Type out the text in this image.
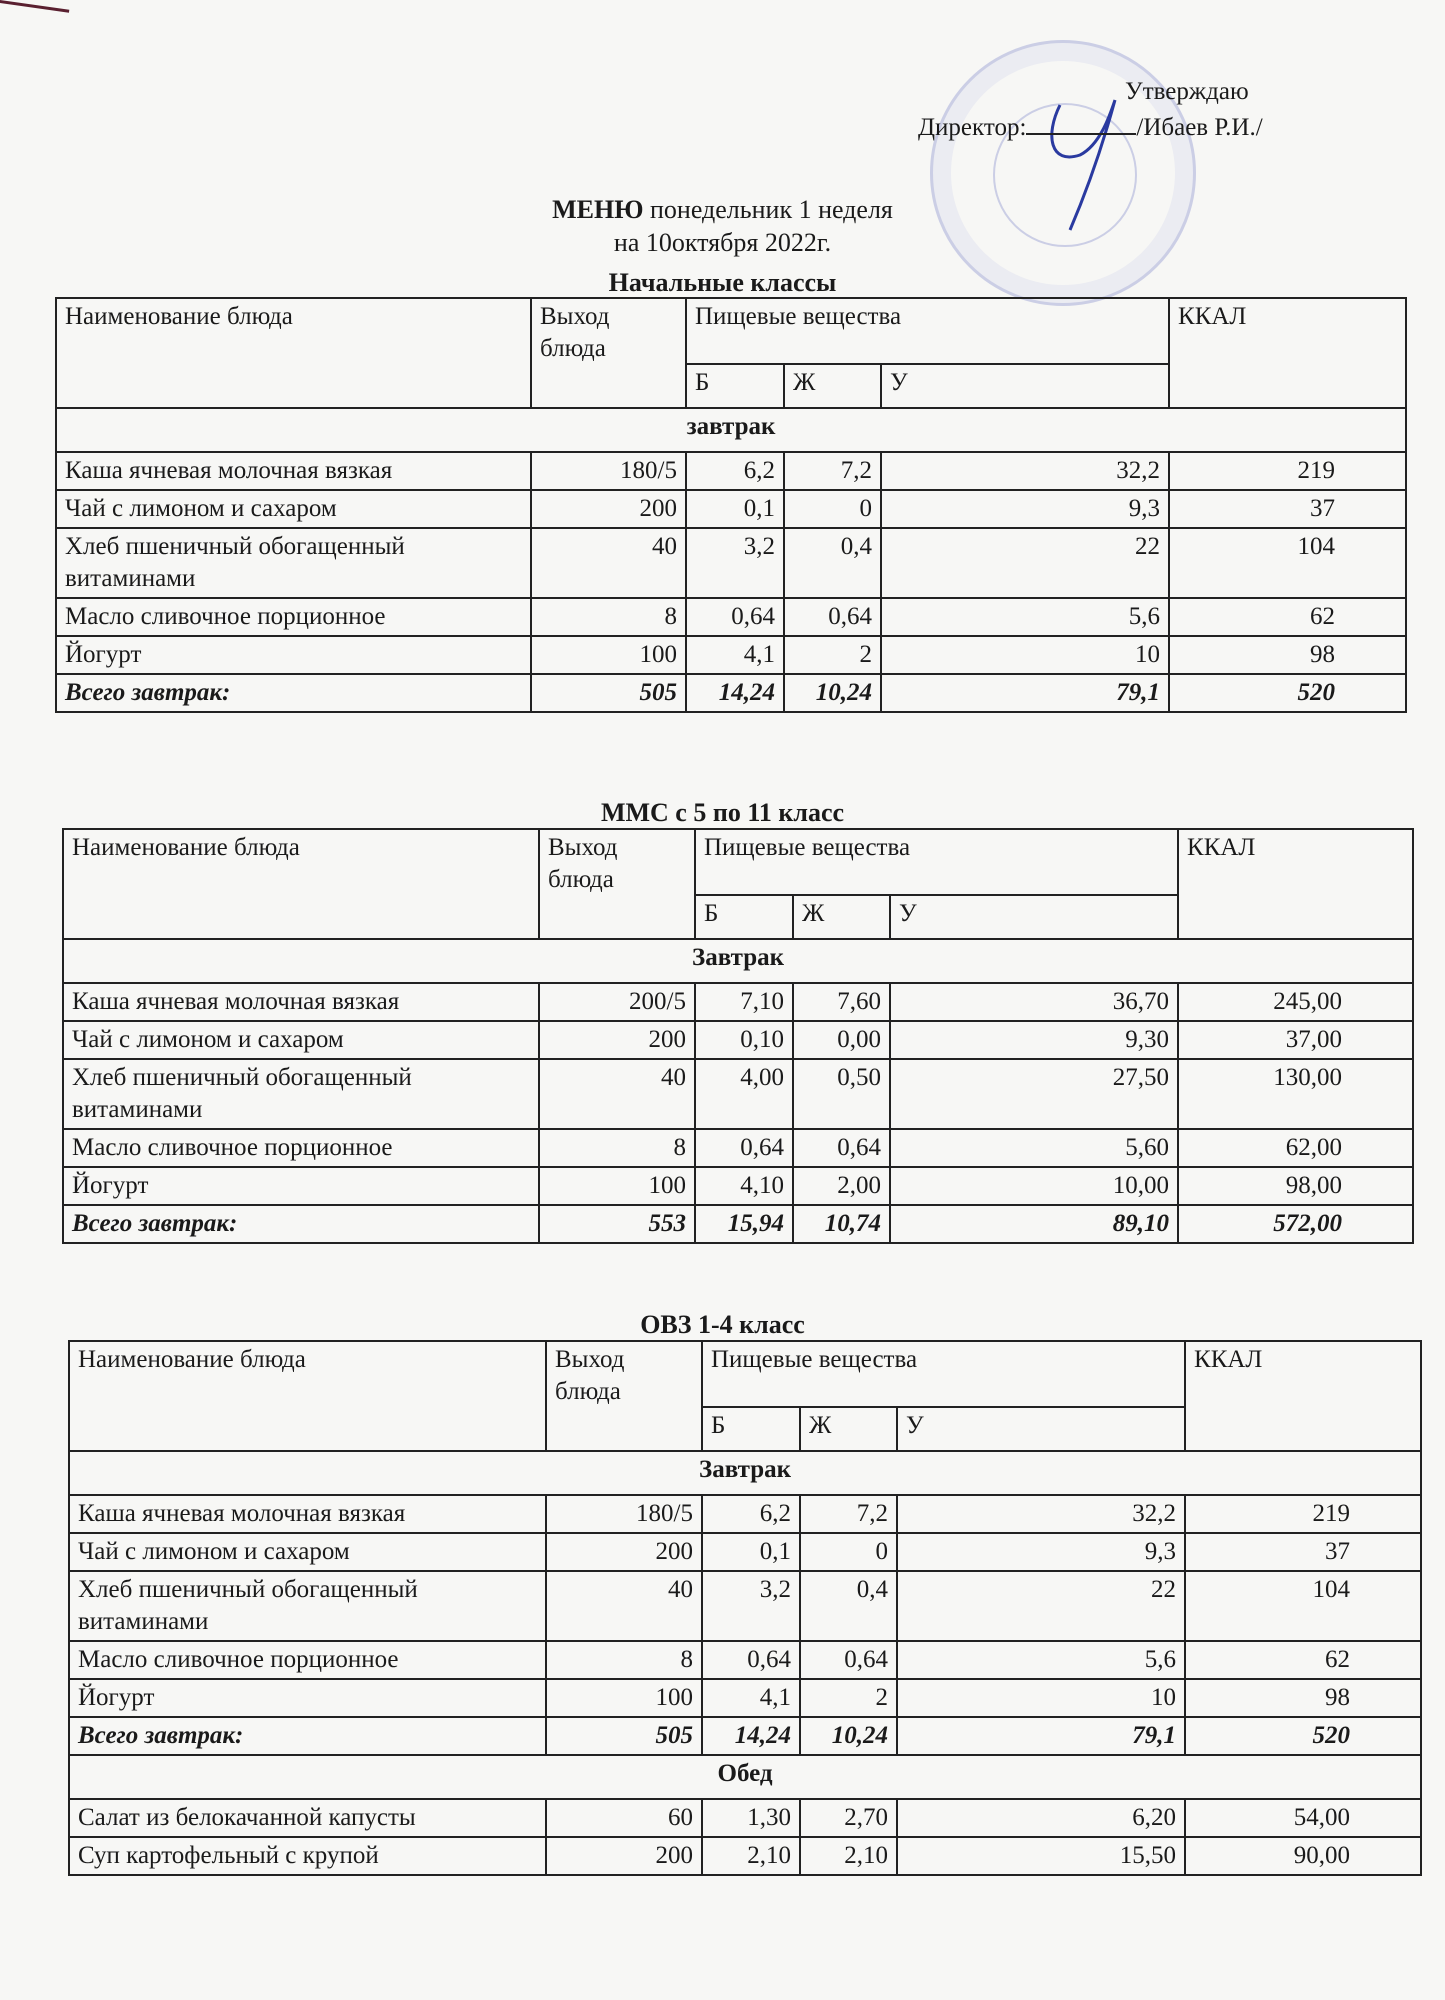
Утверждаю
Директор:	/Ибаев Р.И./
МЕНЮ понедельник 1 неделя
на 10октября 2022г.
Начальные классы
Наименование блюда	Выход блюда	Пищевые вещества			ККАЛ
		Б	Ж	У	
завтрак					
Каша ячневая молочная вязкая	180/5	6,2	7,2	32,2	219
Чай с лимоном и сахаром	200	0,1	0	9,3	37
Хлеб пшеничный обогащенный витаминами	40	3,2	0,4	22	104
Масло сливочное порционное	8	0,64	0,64	5,6	62
Йогурт	100	4,1	2	10	98
Всего завтрак:	505	14,24	10,24	79,1	520
ММС с 5 по 11 класс
Наименование блюда	Выход блюда	Пищевые вещества			ККАЛ
		Б	Ж	У	
Завтрак					
Каша ячневая молочная вязкая	200/5	7,10	7,60	36,70	245,00
Чай с лимоном и сахаром	200	0,10	0,00	9,30	37,00
Хлеб пшеничный обогащенный витаминами	40	4,00	0,50	27,50	130,00
Масло сливочное порционное	8	0,64	0,64	5,60	62,00
Йогурт	100	4,10	2,00	10,00	98,00
Всего завтрак:	553	15,94	10,74	89,10	572,00
ОВЗ 1-4 класс
Наименование блюда	Выход блюда	Пищевые вещества			ККАЛ
		Б	Ж	У	
Завтрак					
Каша ячневая молочная вязкая	180/5	6,2	7,2	32,2	219
Чай с лимоном и сахаром	200	0,1	0	9,3	37
Хлеб пшеничный обогащенный витаминами	40	3,2	0,4	22	104
Масло сливочное порционное	8	0,64	0,64	5,6	62
Йогурт	100	4,1	2	10	98
Всего завтрак:	505	14,24	10,24	79,1	520
Обед					
Салат из белокачанной капусты	60	1,30	2,70	6,20	54,00
Суп картофельный с крупой	200	2,10	2,10	15,50	90,00
